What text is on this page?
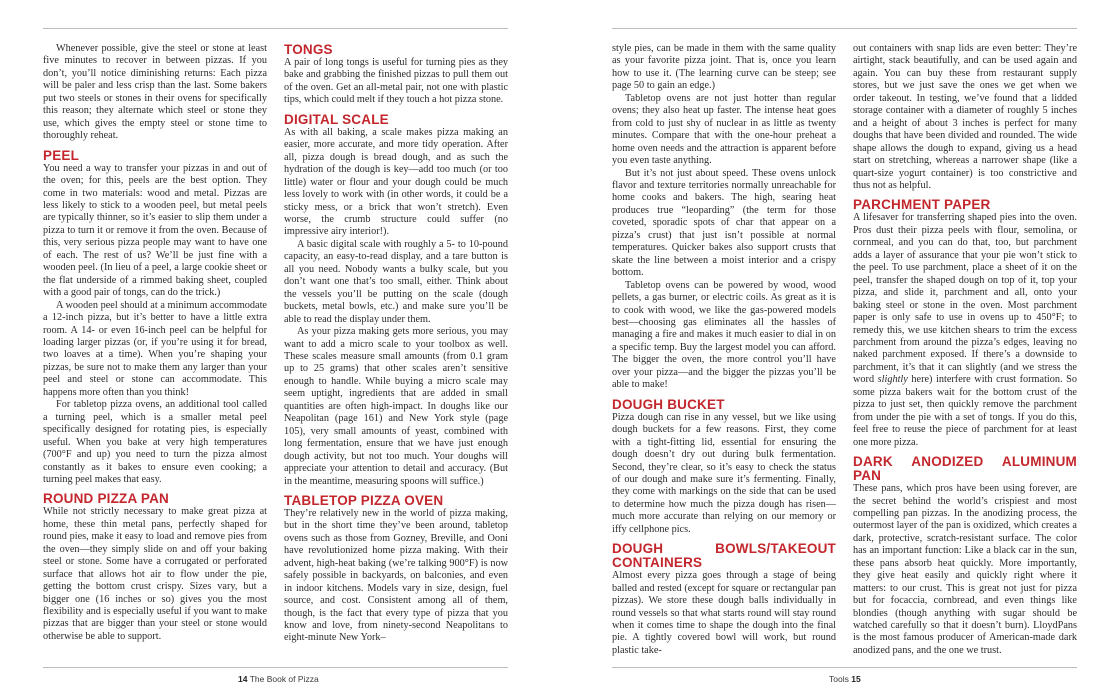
Whenever possible, give the steel or stone at least five minutes to recover in between pizzas. If you don’t, you’ll notice diminishing returns: Each pizza will be paler and less crisp than the last. Some bakers put two steels or stones in their ovens for specifically this reason; they alternate which steel or stone they use, which gives the empty steel or stone time to thoroughly reheat.

PEEL

You need a way to transfer your pizzas in and out of the oven; for this, peels are the best option. They come in two materials: wood and metal. Pizzas are less likely to stick to a wooden peel, but metal peels are typically thinner, so it’s easier to slip them under a pizza to turn it or remove it from the oven. Because of this, very serious pizza people may want to have one of each. The rest of us? We’ll be just fine with a wooden peel. (In lieu of a peel, a large cookie sheet or the flat underside of a rimmed baking sheet, coupled with a good pair of tongs, can do the trick.)

A wooden peel should at a minimum accommodate a 12-inch pizza, but it’s better to have a little extra room. A 14- or even 16-inch peel can be helpful for loading larger pizzas (or, if you’re using it for bread, two loaves at a time). When you’re shaping your pizzas, be sure not to make them any larger than your peel and steel or stone can accommodate. This happens more often than you think!

For tabletop pizza ovens, an additional tool called a turning peel, which is a smaller metal peel specifically designed for rotating pies, is especially useful. When you bake at very high temperatures (700°F and up) you need to turn the pizza almost constantly as it bakes to ensure even cooking; a turning peel makes that easy.

ROUND PIZZA PAN

While not strictly necessary to make great pizza at home, these thin metal pans, perfectly shaped for round pies, make it easy to load and remove pies from the oven—they simply slide on and off your baking steel or stone. Some have a corrugated or perforated surface that allows hot air to flow under the pie, getting the bottom crust crispy. Sizes vary, but a bigger one (16 inches or so) gives you the most flexibility and is especially useful if you want to make pizzas that are bigger than your steel or stone would otherwise be able to support.

TONGS

A pair of long tongs is useful for turning pies as they bake and grabbing the finished pizzas to pull them out of the oven. Get an all-metal pair, not one with plastic tips, which could melt if they touch a hot pizza stone.

DIGITAL SCALE

As with all baking, a scale makes pizza making an easier, more accurate, and more tidy operation. After all, pizza dough is bread dough, and as such the hydration of the dough is key—add too much (or too little) water or flour and your dough could be much less lovely to work with (in other words, it could be a sticky mess, or a brick that won’t stretch). Even worse, the crumb structure could suffer (no impressive airy interior!).

A basic digital scale with roughly a 5- to 10-pound capacity, an easy-to-read display, and a tare button is all you need. Nobody wants a bulky scale, but you don’t want one that’s too small, either. Think about the vessels you’ll be putting on the scale (dough buckets, metal bowls, etc.) and make sure you’ll be able to read the display under them.

As your pizza making gets more serious, you may want to add a micro scale to your toolbox as well. These scales measure small amounts (from 0.1 gram up to 25 grams) that other scales aren’t sensitive enough to handle. While buying a micro scale may seem uptight, ingredients that are added in small quantities are often high-impact. In doughs like our Neapolitan (page 161) and New York style (page 105), very small amounts of yeast, combined with long fermentation, ensure that we have just enough dough activity, but not too much. Your doughs will appreciate your attention to detail and accuracy. (But in the meantime, measuring spoons will suffice.)

TABLETOP PIZZA OVEN

They’re relatively new in the world of pizza making, but in the short time they’ve been around, tabletop ovens such as those from Gozney, Breville, and Ooni have revolutionized home pizza making. With their advent, high-heat baking (we’re talking 900°F) is now safely possible in backyards, on balconies, and even in indoor kitchens. Models vary in size, design, fuel source, and cost. Consistent among all of them, though, is the fact that every type of pizza that you know and love, from ninety-second Neapolitans to eight-minute New York–

style pies, can be made in them with the same quality as your favorite pizza joint. That is, once you learn how to use it. (The learning curve can be steep; see page 50 to gain an edge.)

Tabletop ovens are not just hotter than regular ovens; they also heat up faster. The intense heat goes from cold to just shy of nuclear in as little as twenty minutes. Compare that with the one-hour preheat a home oven needs and the attraction is apparent before you even taste anything.

But it’s not just about speed. These ovens unlock flavor and texture territories normally unreachable for home cooks and bakers. The high, searing heat produces true “leoparding” (the term for those coveted, sporadic spots of char that appear on a pizza’s crust) that just isn’t possible at normal temperatures. Quicker bakes also support crusts that skate the line between a moist interior and a crispy bottom.

Tabletop ovens can be powered by wood, wood pellets, a gas burner, or electric coils. As great as it is to cook with wood, we like the gas-powered models best—choosing gas eliminates all the hassles of managing a fire and makes it much easier to dial in on a specific temp. Buy the largest model you can afford. The bigger the oven, the more control you’ll have over your pizza—and the bigger the pizzas you’ll be able to make!

DOUGH BUCKET

Pizza dough can rise in any vessel, but we like using dough buckets for a few reasons. First, they come with a tight-fitting lid, essential for ensuring the dough doesn’t dry out during bulk fermentation. Second, they’re clear, so it’s easy to check the status of our dough and make sure it’s fermenting. Finally, they come with markings on the side that can be used to determine how much the pizza dough has risen—much more accurate than relying on our memory or iffy cellphone pics.

DOUGH BOWLS/TAKEOUT CONTAINERS

Almost every pizza goes through a stage of being balled and rested (except for square or rectangular pan pizzas). We store these dough balls individually in round vessels so that what starts round will stay round when it comes time to shape the dough into the final pie. A tightly covered bowl will work, but round plastic take-

out containers with snap lids are even better: They’re airtight, stack beautifully, and can be used again and again. You can buy these from restaurant supply stores, but we just save the ones we get when we order takeout. In testing, we’ve found that a lidded storage container with a diameter of roughly 5 inches and a height of about 3 inches is perfect for many doughs that have been divided and rounded. The wide shape allows the dough to expand, giving us a head start on stretching, whereas a narrower shape (like a quart-size yogurt container) is too constrictive and thus not as helpful.

PARCHMENT PAPER

A lifesaver for transferring shaped pies into the oven. Pros dust their pizza peels with flour, semolina, or cornmeal, and you can do that, too, but parchment adds a layer of assurance that your pie won’t stick to the peel. To use parchment, place a sheet of it on the peel, transfer the shaped dough on top of it, top your pizza, and slide it, parchment and all, onto your baking steel or stone in the oven. Most parchment paper is only safe to use in ovens up to 450°F; to remedy this, we use kitchen shears to trim the excess parchment from around the pizza’s edges, leaving no naked parchment exposed. If there’s a downside to parchment, it’s that it can slightly (and we stress the word slightly here) interfere with crust formation. So some pizza bakers wait for the bottom crust of the pizza to just set, then quickly remove the parchment from under the pie with a set of tongs. If you do this, feel free to reuse the piece of parchment for at least one more pizza.

DARK ANODIZED ALUMINUM PAN

These pans, which pros have been using forever, are the secret behind the world’s crispiest and most compelling pan pizzas. In the anodizing process, the outermost layer of the pan is oxidized, which creates a dark, protective, scratch-resistant surface. The color has an important function: Like a black car in the sun, these pans absorb heat quickly. More importantly, they give heat easily and quickly right where it matters: to our crust. This is great not just for pizza but for focaccia, cornbread, and even things like blondies (though anything with sugar should be watched carefully so that it doesn’t burn). LloydPans is the most famous producer of American-made dark anodized pans, and the one we trust.

14 The Book of Pizza	Tools 15
